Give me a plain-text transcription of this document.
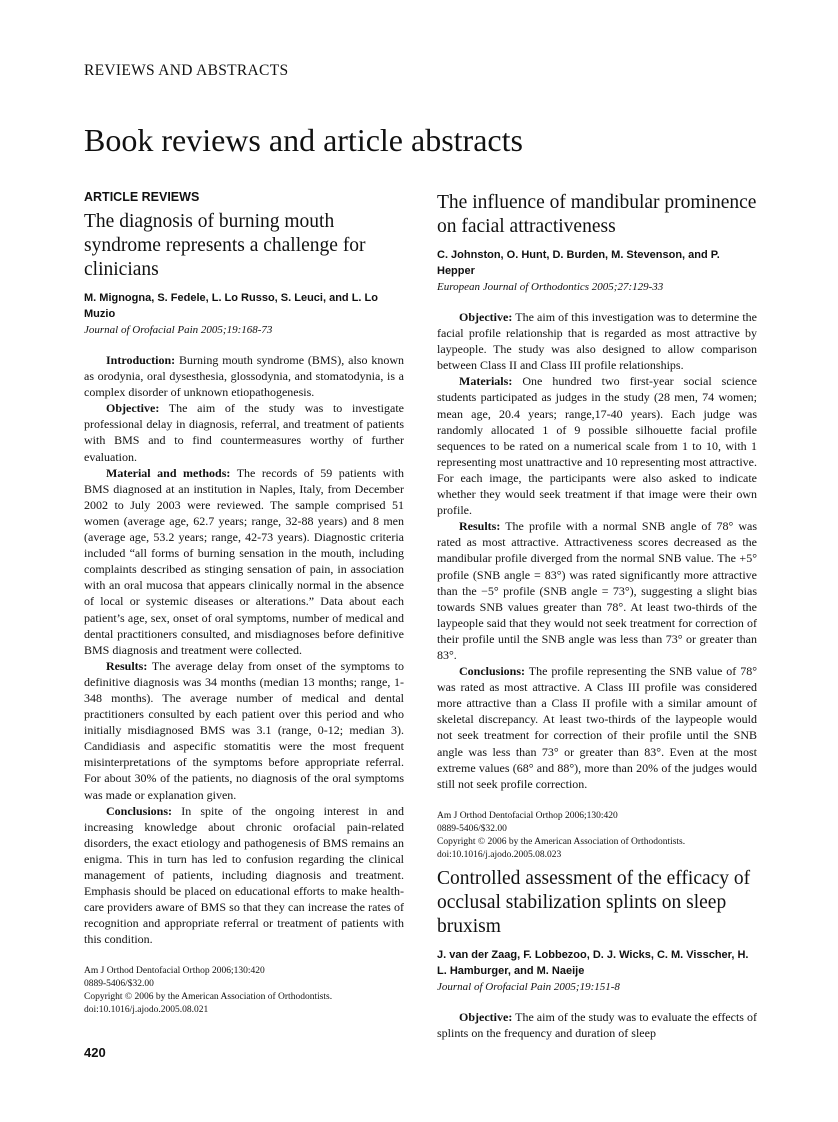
REVIEWS AND ABSTRACTS
Book reviews and article abstracts

ARTICLE REVIEWS

The diagnosis of burning mouth syndrome represents a challenge for clinicians

M. Mignogna, S. Fedele, L. Lo Russo, S. Leuci, and L. Lo Muzio

Journal of Orofacial Pain 2005;19:168-73

Introduction: Burning mouth syndrome (BMS), also known as orodynia, oral dysesthesia, glossodynia, and stomatodynia, is a complex disorder of unknown etiopathogenesis.

Objective: The aim of the study was to investigate professional delay in diagnosis, referral, and treatment of patients with BMS and to find countermeasures worthy of further evaluation.

Material and methods: The records of 59 patients with BMS diagnosed at an institution in Naples, Italy, from December 2002 to July 2003 were reviewed. The sample comprised 51 women (average age, 62.7 years; range, 32-88 years) and 8 men (average age, 53.2 years; range, 42-73 years). Diagnostic criteria included “all forms of burning sensation in the mouth, including complaints described as stinging sensation of pain, in association with an oral mucosa that appears clinically normal in the absence of local or systemic diseases or alterations.” Data about each patient’s age, sex, onset of oral symptoms, number of medical and dental practitioners consulted, and misdiagnoses before definitive BMS diagnosis and treatment were collected.

Results: The average delay from onset of the symptoms to definitive diagnosis was 34 months (median 13 months; range, 1-348 months). The average number of medical and dental practitioners consulted by each patient over this period and who initially misdiagnosed BMS was 3.1 (range, 0-12; median 3). Candidiasis and aspecific stomatitis were the most frequent misinterpretations of the symptoms before appropriate referral. For about 30% of the patients, no diagnosis of the oral symptoms was made or explanation given.

Conclusions: In spite of the ongoing interest in and increasing knowledge about chronic orofacial pain-related disorders, the exact etiology and pathogenesis of BMS remains an enigma. This in turn has led to confusion regarding the clinical management of patients, including diagnosis and treatment. Emphasis should be placed on educational efforts to make health-care providers aware of BMS so that they can increase the rates of recognition and appropriate referral or treatment of patients with this condition.

Am J Orthod Dentofacial Orthop 2006;130:420
0889-5406/$32.00
Copyright © 2006 by the American Association of Orthodontists.
doi:10.1016/j.ajodo.2005.08.021
The influence of mandibular prominence on facial attractiveness

C. Johnston, O. Hunt, D. Burden, M. Stevenson, and P. Hepper

European Journal of Orthodontics 2005;27:129-33

Objective: The aim of this investigation was to determine the facial profile relationship that is regarded as most attractive by laypeople. The study was also designed to allow comparison between Class II and Class III profile relationships.

Materials: One hundred two first-year social science students participated as judges in the study (28 men, 74 women; mean age, 20.4 years; range,17-40 years). Each judge was randomly allocated 1 of 9 possible silhouette facial profile sequences to be rated on a numerical scale from 1 to 10, with 1 representing most unattractive and 10 representing most attractive. For each image, the participants were also asked to indicate whether they would seek treatment if that image were their own profile.

Results: The profile with a normal SNB angle of 78° was rated as most attractive. Attractiveness scores decreased as the mandibular profile diverged from the normal SNB value. The +5° profile (SNB angle = 83°) was rated significantly more attractive than the −5° profile (SNB angle = 73°), suggesting a slight bias towards SNB values greater than 78°. At least two-thirds of the laypeople said that they would not seek treatment for correction of their profile until the SNB angle was less than 73° or greater than 83°.

Conclusions: The profile representing the SNB value of 78° was rated as most attractive. A Class III profile was considered more attractive than a Class II profile with a similar amount of skeletal discrepancy. At least two-thirds of the laypeople would not seek treatment for correction of their profile until the SNB angle was less than 73° or greater than 83°. Even at the most extreme values (68° and 88°), more than 20% of the judges would still not seek profile correction.

Am J Orthod Dentofacial Orthop 2006;130:420
0889-5406/$32.00
Copyright © 2006 by the American Association of Orthodontists.
doi:10.1016/j.ajodo.2005.08.023
Controlled assessment of the efficacy of occlusal stabilization splints on sleep bruxism

J. van der Zaag, F. Lobbezoo, D. J. Wicks, C. M. Visscher, H. L. Hamburger, and M. Naeije

Journal of Orofacial Pain 2005;19:151-8

Objective: The aim of the study was to evaluate the effects of splints on the frequency and duration of sleep

420
